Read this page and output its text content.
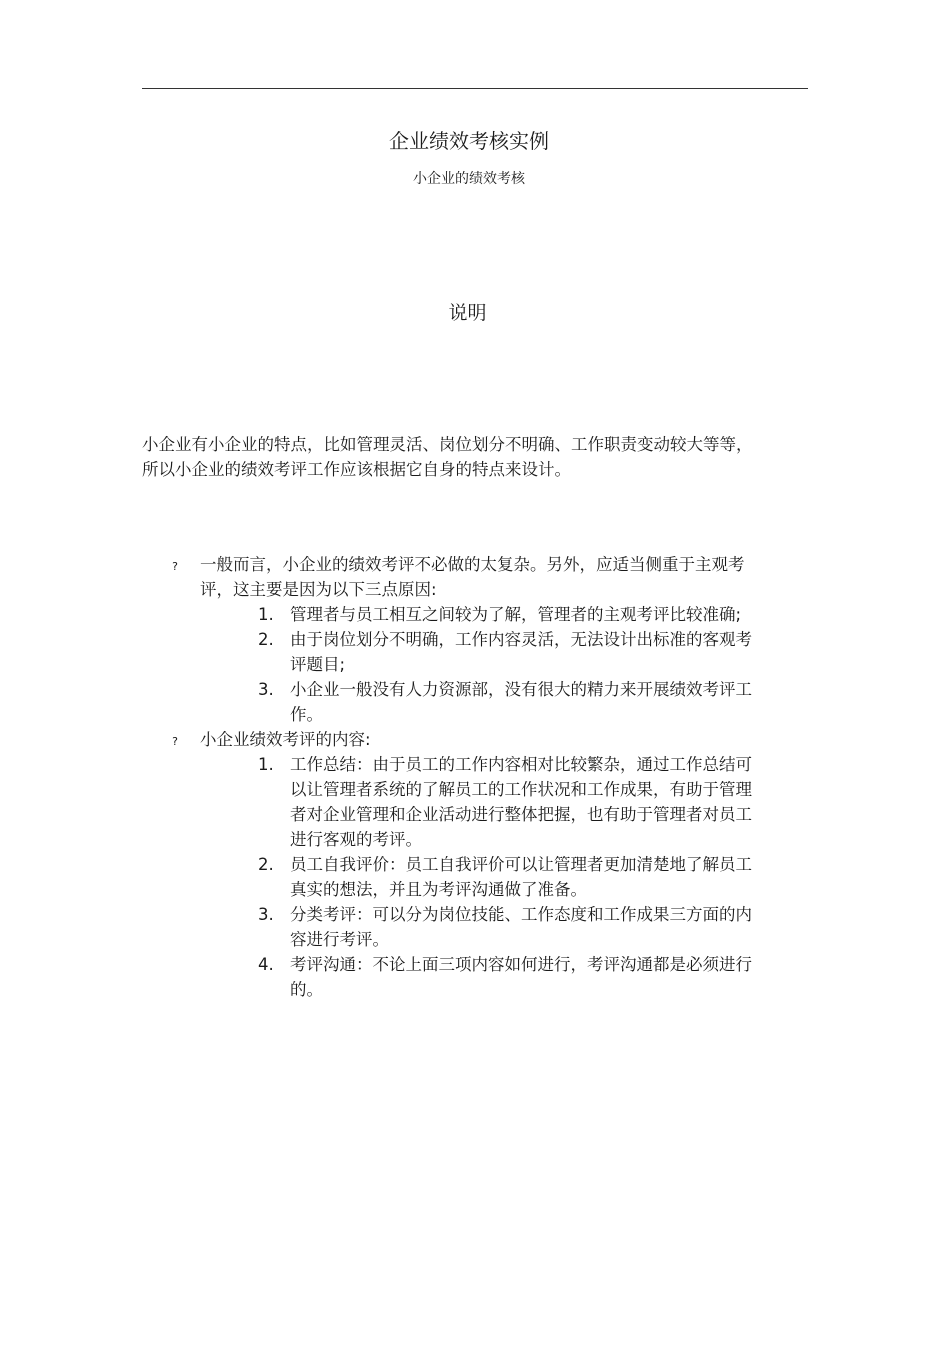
企业绩效考核实例
小企业的绩效考核
说明
小企业有小企业的特点，比如管理灵活、岗位划分不明确、工作职责变动较大等等，所以小企业的绩效考评工作应该根据它自身的特点来设计。
? 一般而言，小企业的绩效考评不必做的太复杂。另外，应适当侧重于主观考评，这主要是因为以下三点原因:
1. 管理者与员工相互之间较为了解，管理者的主观考评比较准确;
2. 由于岗位划分不明确，工作内容灵活，无法设计出标准的客观考评题目;
3. 小企业一般没有人力资源部，没有很大的精力来开展绩效考评工作。
? 小企业绩效考评的内容:
1. 工作总结：由于员工的工作内容相对比较繁杂，通过工作总结可以让管理者系统的了解员工的工作状况和工作成果，有助于管理者对企业管理和企业活动进行整体把握，也有助于管理者对员工进行客观的考评。
2. 员工自我评价：员工自我评价可以让管理者更加清楚地了解员工真实的想法，并且为考评沟通做了准备。
3. 分类考评：可以分为岗位技能、工作态度和工作成果三方面的内容进行考评。
4. 考评沟通：不论上面三项内容如何进行，考评沟通都是必须进行的。
